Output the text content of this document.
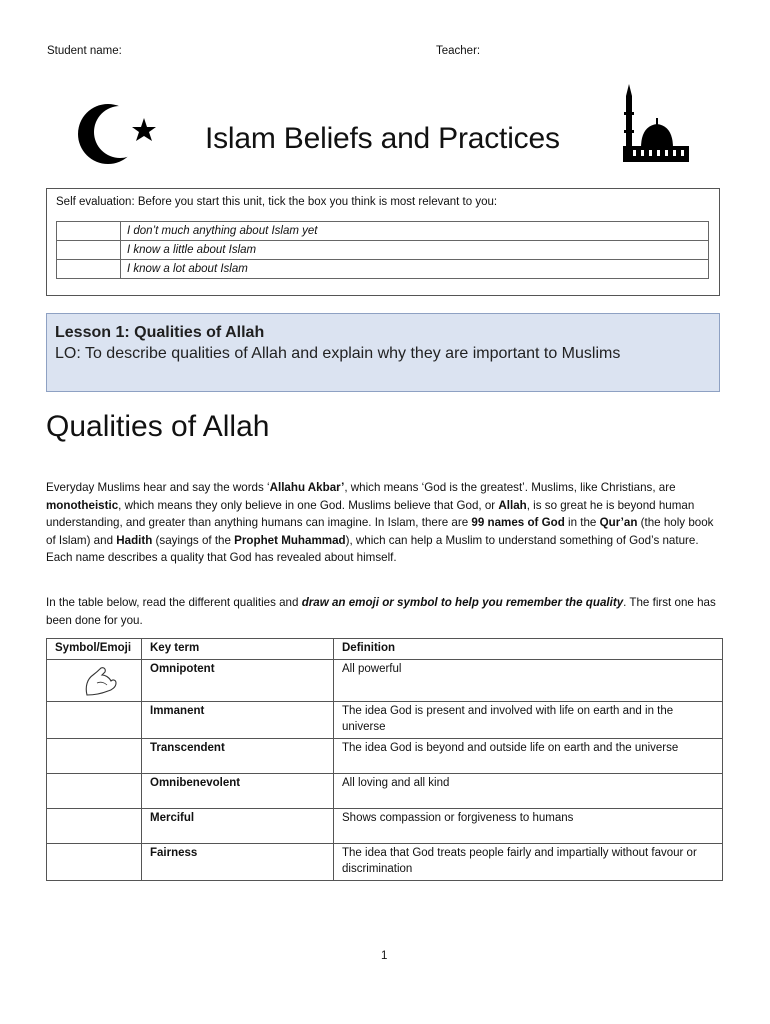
Student name:	Teacher:
Islam Beliefs and Practices
Self evaluation: Before you start this unit, tick the box you think is most relevant to you:
	I don’t much anything about Islam yet
	I know a little about Islam
	I know a lot about Islam
Lesson 1: Qualities of Allah
LO: To describe qualities of Allah and explain why they are important to Muslims
Qualities of Allah
Everyday Muslims hear and say the words ‘Allahu Akbar’, which means ‘God is the greatest’. Muslims, like Christians, are monotheistic, which means they only believe in one God. Muslims believe that God, or Allah, is so great he is beyond human understanding, and greater than anything humans can imagine. In Islam, there are 99 names of God in the Qur’an (the holy book of Islam) and Hadith (sayings of the Prophet Muhammad), which can help a Muslim to understand something of God’s nature. Each name describes a quality that God has revealed about himself.
In the table below, read the different qualities and draw an emoji or symbol to help you remember the quality. The first one has been done for you.
Symbol/Emoji	Key term	Definition

	Omnipotent	All powerful
	Immanent	The idea God is present and involved with life on earth and in the universe
	Transcendent	The idea God is beyond and outside life on earth and the universe
	Omnibenevolent	All loving and all kind
	Merciful	Shows compassion or forgiveness to humans
	Fairness	The idea that God treats people fairly and impartially without favour or discrimination
1
